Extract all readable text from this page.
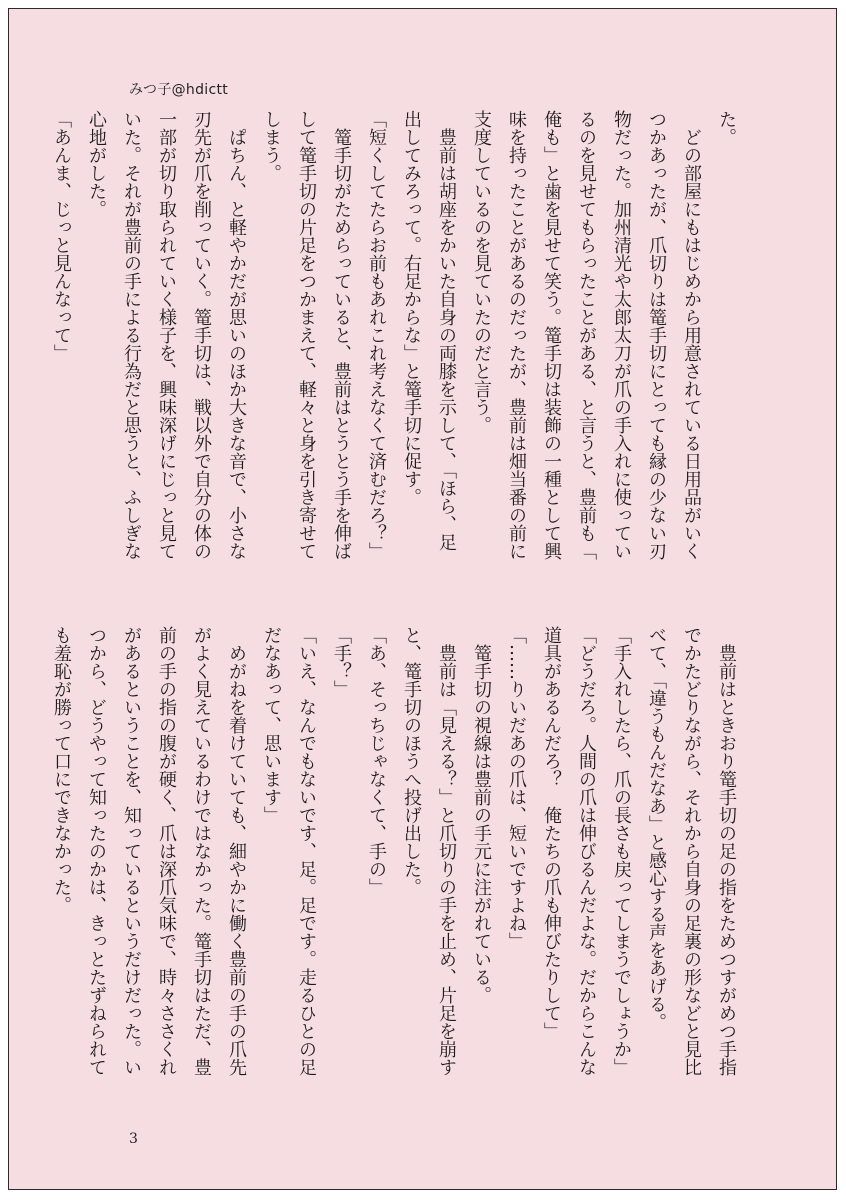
みつ子@hdictt

た。

　どの部屋にもはじめから用意されている日用品がいく

つかあったが、爪切りは篭手切にとっても縁の少ない刃

物だった。加州清光や太郎太刀が爪の手入れに使ってい

るのを見せてもらったことがある、と言うと、豊前も「

俺も」と歯を見せて笑う。篭手切は装飾の一種として興

味を持ったことがあるのだったが、豊前は畑当番の前に

支度しているのを見ていたのだと言う。

　豊前は胡座をかいた自身の両膝を示して、「ほら、足

出してみろって。右足からな」と篭手切に促す。

「短くしてたらお前もあれこれ考えなくて済むだろ？」

　篭手切がためらっていると、豊前はとうとう手を伸ば

して篭手切の片足をつかまえて、軽々と身を引き寄せて

しまう。

　ぱちん、と軽やかだが思いのほか大きな音で、小さな

刃先が爪を削っていく。篭手切は、戦以外で自分の体の

一部が切り取られていく様子を、興味深げにじっと見て

いた。それが豊前の手による行為だと思うと、ふしぎな

心地がした。

「あんま、じっと見んなって」

　豊前はときおり篭手切の足の指をためつすがめつ手指

でかたどりながら、それから自身の足裏の形などと見比

べて、「違うもんだなあ」と感心する声をあげる。

「手入れしたら、爪の長さも戻ってしまうでしょうか」

「どうだろ。人間の爪は伸びるんだよな。だからこんな

道具があるんだろ？　俺たちの爪も伸びたりして」

「……りいだあの爪は、短いですよね」

　篭手切の視線は豊前の手元に注がれている。

　豊前は「見える？」と爪切りの手を止め、片足を崩す

と、篭手切のほうへ投げ出した。

「あ、そっちじゃなくて、手の」

「手？」

「いえ、なんでもないです、足。足です。走るひとの足

だなあって、思います」

　めがねを着けていても、細やかに働く豊前の手の爪先

がよく見えているわけではなかった。篭手切はただ、豊

前の手の指の腹が硬く、爪は深爪気味で、時々ささくれ

があるということを、知っているというだけだった。い

つから、どうやって知ったのかは、きっとたずねられて

も羞恥が勝って口にできなかった。

3
